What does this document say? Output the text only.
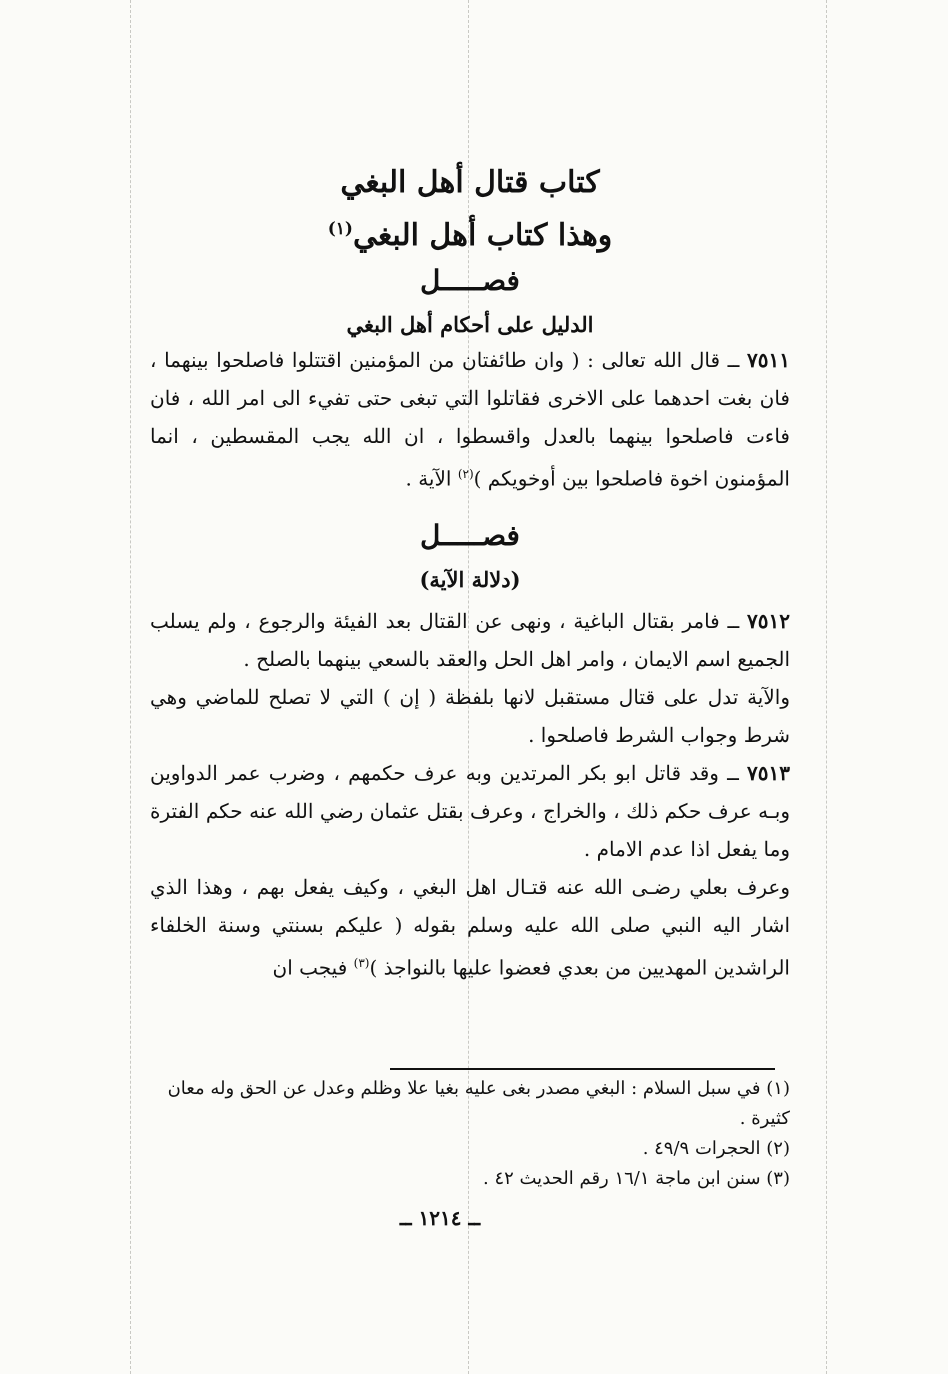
كتاب قتال أهل البغي
وهذا كتاب أهل البغي$^{(١)}$
فصـــــل
الدليل على أحكام أهل البغي

٧٥١١ ــ قال الله تعالى : ( وان طائفتان من المؤمنين اقتتلوا فاصلحوا بينهما ، فان بغت احدهما على الاخرى فقاتلوا التي تبغى حتى تفيء الى امر الله ، فان فاءت فاصلحوا بينهما بالعدل واقسطوا ، ان الله يجب المقسطين ، انما المؤمنون اخوة فاصلحوا بين أوخويكم )$^{(٢)}$ الآية .

فصـــــل
(دلالة الآية)

٧٥١٢ ــ فامر بقتال الباغية ، ونهى عن القتال بعد الفيئة والرجوع ، ولم يسلب الجميع اسم الايمان ، وامر اهل الحل والعقد بالسعي بينهما بالصلح .

والآية تدل على قتال مستقبل لانها بلفظة ( إن ) التي لا تصلح للماضي وهي شرط وجواب الشرط فاصلحوا .

٧٥١٣ ــ وقد قاتل ابو بكر المرتدين وبه عرف حكمهم ، وضرب عمر الدواوين وبـه عرف حكم ذلك ، والخراج ، وعرف بقتل عثمان رضي الله عنه حكم الفترة وما يفعل اذا عدم الامام .

وعرف بعلي رضـى الله عنه قتـال اهل البغي ، وكيف يفعل بهم ، وهذا الذي اشار اليه النبي صلى الله عليه وسلم بقوله ( عليكم بسنتي وسنة الخلفاء الراشدين المهديين من بعدي فعضوا عليها بالنواجذ )$^{(٣)}$ فيجب ان

(١) في سبل السلام : البغي مصدر بغى عليه بغيا علا وظلم وعدل عن الحق وله معان كثيرة .

(٢) الحجرات ٤٩/٩ .

(٣) سنن ابن ماجة ١٦/١ رقم الحديث ٤٢ .

ــ ١٢١٤ ــ
